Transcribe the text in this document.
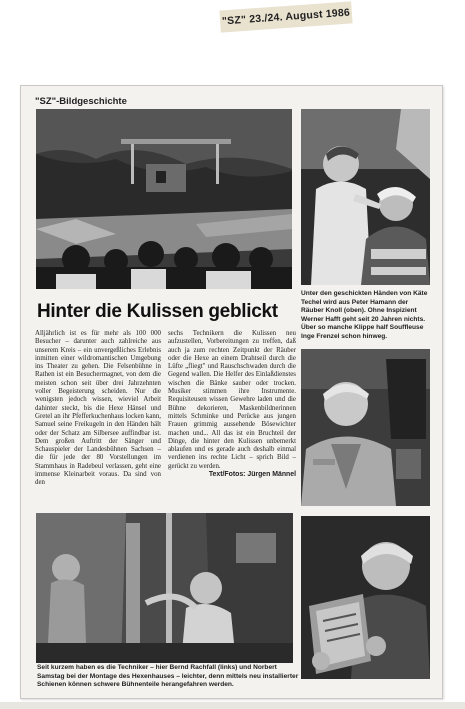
"SZ" 23./24. August 1986
"SZ"-Bildgeschichte
Hinter die Kulissen geblickt
Alljährlich ist es für mehr als 100 000 Besucher – darunter auch zahlreiche aus unserem Kreis – ein unvergeßliches Erlebnis inmitten einer wildromantischen Umgebung ins Theater zu gehen. Die Felsenbühne in Rathen ist ein Besuchermagnet, von dem die meisten schon seit über drei Jahrzehnten voller Begeisterung scheiden. Nur die wenigsten jedoch wissen, wieviel Arbeit dahinter steckt, bis die Hexe Hänsel und Gretel an ihr Pfefferkuchenhaus locken kann, Samuel seine Freikugeln in den Händen hält oder der Schatz am Silbersee auffindbar ist. Dem großen Auftritt der Sänger und Schauspieler der Landesbühnen Sachsen – die für jede der 80 Vorstellungen im Stammhaus in Radebeul verlassen, geht eine immense Kleinarbeit voraus. Da sind von den
sechs Technikern die Kulissen neu aufzustellen, Vorbereitungen zu treffen, daß auch ja zum rechten Zeitpunkt der Räuber oder die Hexe an einem Drahtseil durch die Lüfte „fliegt" und Rauschschwaden durch die Gegend wallen. Die Helfer des Einlaßdienstes wischen die Bänke sauber oder trocken. Musiker stimmen ihre Instrumente. Requisiteusen wissen Gewehre laden und die Bühne dekorieren, Maskenbildnerinnen mittels Schminke und Perücke aus jungen Frauen grimmig aussehende Bösewichter machen und... All das ist ein Bruchteil der Dinge, die hinter den Kulissen unbemerkt ablaufen und es gerade auch deshalb einmal verdienen ins rechte Licht – sprich Bild – gerückt zu werden.
Text/Fotos: Jürgen Männel
Unter den geschickten Händen von Käte Techel wird aus Peter Hamann der Räuber Knoll (oben). Ohne Inspizient Werner Hafft geht seit 20 Jahren nichts. Über so manche Klippe half Souffleuse Inge Frenzel schon hinweg.
Seit kurzem haben es die Techniker – hier Bernd Rachfall (links) und Norbert Samstag bei der Montage des Hexenhauses – leichter, denn mittels neu installierter Schienen können schwere Bühnenteile herangefahren werden.
